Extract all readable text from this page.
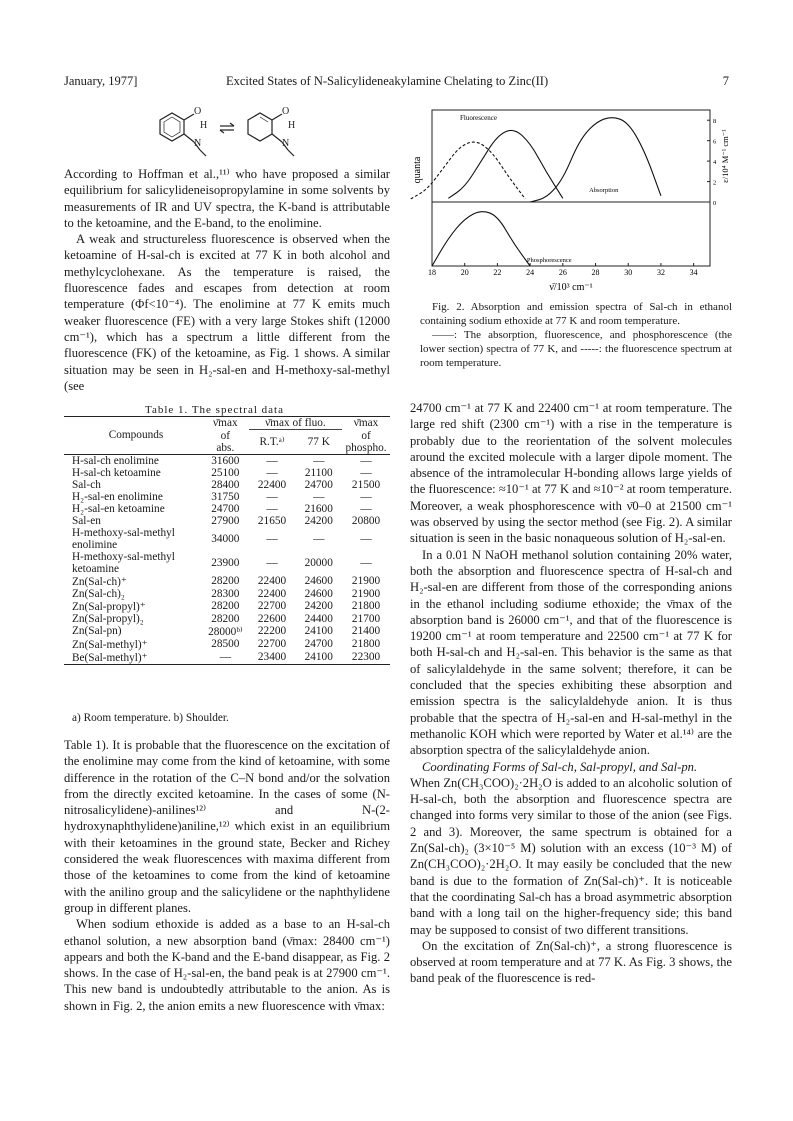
January, 1977]	Excited States of N-Salicylideneakylamine Chelating to Zinc(II)	7
O
H
N
O
H
N

According to Hoffman et al.,¹¹⁾ who have proposed a similar equilibrium for salicylideneisopropylamine in some solvents by measurements of IR and UV spectra, the K-band is attributable to the ketoamine, and the E-band, to the enolimine.

A weak and structureless fluorescence is observed when the ketoamine of H-sal-ch is excited at 77 K in both alcohol and methylcyclohexane. As the temperature is raised, the fluorescence fades and escapes from detection at room temperature (Φf<10⁻⁴). The enolimine at 77 K emits much weaker fluorescence (FE) with a very large Stokes shift (12000 cm⁻¹), which has a spectrum a little different from the fluorescence (FK) of the ketoamine, as Fig. 1 shows. A similar situation may be seen in H₂-sal-en and H-methoxy-sal-methyl (see

Table 1. The spectral data
Compounds	ν̄max	ν̄max of fluo.		ν̄max
	of	R.T.ᵃ⁾	77 K	of
	abs.			phospho.
H-sal-ch enolimine	31600	—	—	—
H-sal-ch ketoamine	25100	—	21100	—
Sal-ch	28400	22400	24700	21500
H₂-sal-en enolimine	31750	—	—	—
H₂-sal-en ketoamine	24700	—	21600	—
Sal-en	27900	21650	24200	20800
H-methoxy-sal-methyl enolimine	34000	—	—	—
H-methoxy-sal-methyl ketoamine	23900	—	20000	—
Zn(Sal-ch)⁺	28200	22400	24600	21900
Zn(Sal-ch)₂	28300	22400	24600	21900
Zn(Sal-propyl)⁺	28200	22700	24200	21800
Zn(Sal-propyl)₂	28200	22600	24400	21700
Zn(Sal-pn)	28000ᵇ⁾	22200	24100	21400
Zn(Sal-methyl)⁺	28500	22700	24700	21800
Be(Sal-methyl)⁺	—	23400	24100	22300
a) Room temperature. b) Shoulder.

Table 1). It is probable that the fluorescence on the excitation of the enolimine may come from the kind of ketoamine, with some difference in the rotation of the C–N bond and/or the solvation from the directly excited ketoamine. In the cases of some (N-nitrosalicylidene)-anilines¹²⁾ and N-(2-hydroxynaphthylidene)aniline,¹²⁾ which exist in an equilibrium with their ketoamines in the ground state, Becker and Richey considered the weak fluorescences with maxima different from those of the ketoamines to come from the kind of ketoamine with the anilino group and the salicylidene or the naphthylidene group in different planes.

When sodium ethoxide is added as a base to an H-sal-ch ethanol solution, a new absorption band (ν̄max: 28400 cm⁻¹) appears and both the K-band and the E-band disappear, as Fig. 2 shows. In the case of H₂-sal-en, the band peak is at 27900 cm⁻¹. This new band is undoubtedly attributable to the anion. As is shown in Fig. 2, the anion emits a new fluorescence with ν̄max:

18	20	22	24	26	28	30	32	34
ν̄/10³ cm⁻¹
quanta
8
6
4
2
0
ε/10⁴ M⁻¹ cm⁻¹
Fluorescence
Absorption
Phosphorescence
Fig. 2. Absorption and emission spectra of Sal-ch in ethanol containing sodium ethoxide at 77 K and room temperature.
——: The absorption, fluorescence, and phosphorescence (the lower section) spectra of 77 K, and -----: the fluorescence spectrum at room temperature.

24700 cm⁻¹ at 77 K and 22400 cm⁻¹ at room temperature. The large red shift (2300 cm⁻¹) with a rise in the temperature is probably due to the reorientation of the solvent molecules around the excited molecule with a larger dipole moment. The absence of the intramolecular H-bonding allows large yields of the fluorescence: ≈10⁻¹ at 77 K and ≈10⁻² at room temperature. Moreover, a weak phosphorescence with ν̄0–0 at 21500 cm⁻¹ was observed by using the sector method (see Fig. 2). A similar situation is seen in the basic nonaqueous solution of H₂-sal-en.

In a 0.01 N NaOH methanol solution containing 20% water, both the absorption and fluorescence spectra of H-sal-ch and H₂-sal-en are different from those of the corresponding anions in the ethanol including sodiume ethoxide; the ν̄max of the absorption band is 26000 cm⁻¹, and that of the fluorescence is 19200 cm⁻¹ at room temperature and 22500 cm⁻¹ at 77 K for both H-sal-ch and H₂-sal-en. This behavior is the same as that of salicylaldehyde in the same solvent; therefore, it can be concluded that the species exhibiting these absorption and emission spectra is the salicylaldehyde anion. It is thus probable that the spectra of H₂-sal-en and H-sal-methyl in the methanolic KOH which were reported by Water et al.¹⁴⁾ are the absorption spectra of the salicylaldehyde anion.

Coordinating Forms of Sal-ch, Sal-propyl, and Sal-pn.

When Zn(CH₃COO)₂·2H₂O is added to an alcoholic solution of H-sal-ch, both the absorption and fluorescence spectra are changed into forms very similar to those of the anion (see Figs. 2 and 3). Moreover, the same spectrum is obtained for a Zn(Sal-ch)₂ (3×10⁻⁵ M) solution with an excess (10⁻³ M) of Zn(CH₃COO)₂·2H₂O. It may easily be concluded that the new band is due to the formation of Zn(Sal-ch)⁺. It is noticeable that the coordinating Sal-ch has a broad asymmetric absorption band with a long tail on the higher-frequency side; this band may be supposed to consist of two different transitions.

On the excitation of Zn(Sal-ch)⁺, a strong fluorescence is observed at room temperature and at 77 K. As Fig. 3 shows, the band peak of the fluorescence is red-
